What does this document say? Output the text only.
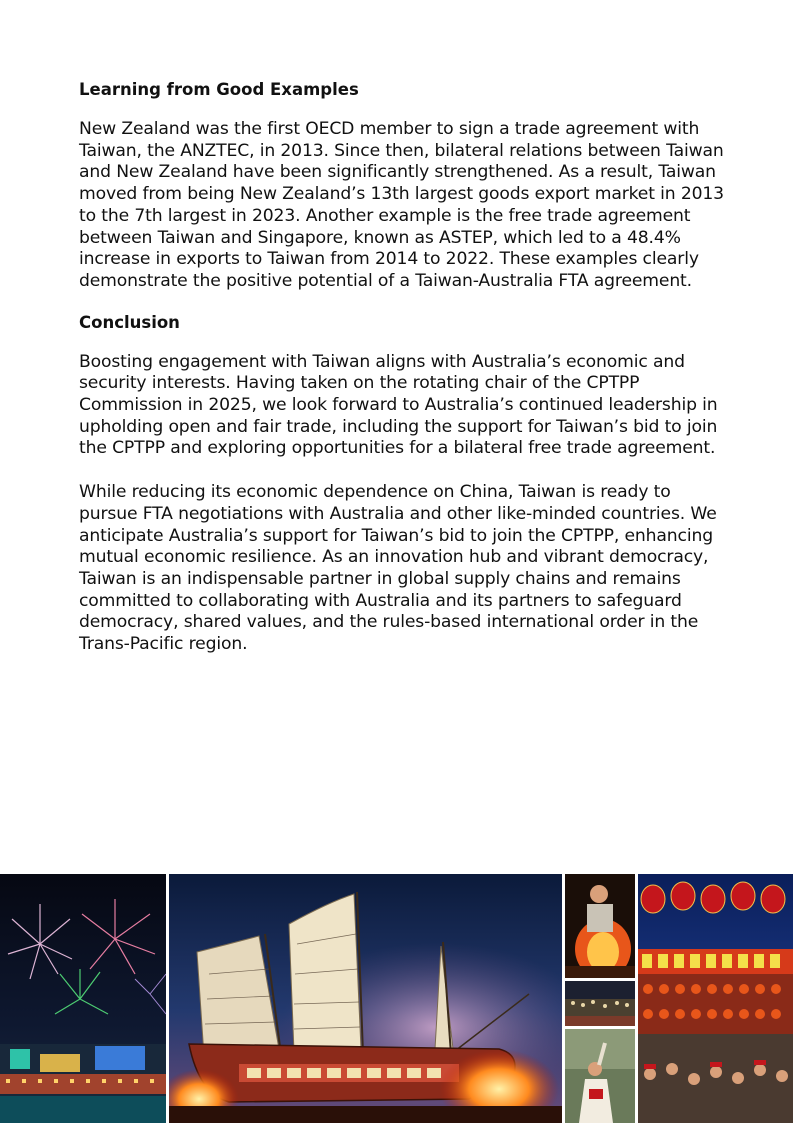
Learning from Good Examples

New Zealand was the first OECD member to sign a trade agreement with Taiwan, the ANZTEC, in 2013. Since then, bilateral relations between Taiwan and New Zealand have been significantly strengthened. As a result, Taiwan moved from being New Zealand’s 13th largest goods export market in 2013 to the 7th largest in 2023. Another example is the free trade agreement between Taiwan and Singapore, known as ASTEP, which led to a 48.4% increase in exports to Taiwan from 2014 to 2022. These examples clearly demonstrate the positive potential of a Taiwan-Australia FTA agreement.

Conclusion

Boosting engagement with Taiwan aligns with Australia’s economic and security interests. Having taken on the rotating chair of the CPTPP Commission in 2025, we look forward to Australia’s continued leadership in upholding open and fair trade, including the support for Taiwan’s bid to join the CPTPP and exploring opportunities for a bilateral free trade agreement.

While reducing its economic dependence on China, Taiwan is ready to pursue FTA negotiations with Australia and other like-minded countries. We anticipate Australia’s support for Taiwan’s bid to join the CPTPP, enhancing mutual economic resilience. As an innovation hub and vibrant democracy, Taiwan is an indispensable partner in global supply chains and remains committed to collaborating with Australia and its partners to safeguard democracy, shared values, and the rules-based international order in the Trans-Pacific region.
